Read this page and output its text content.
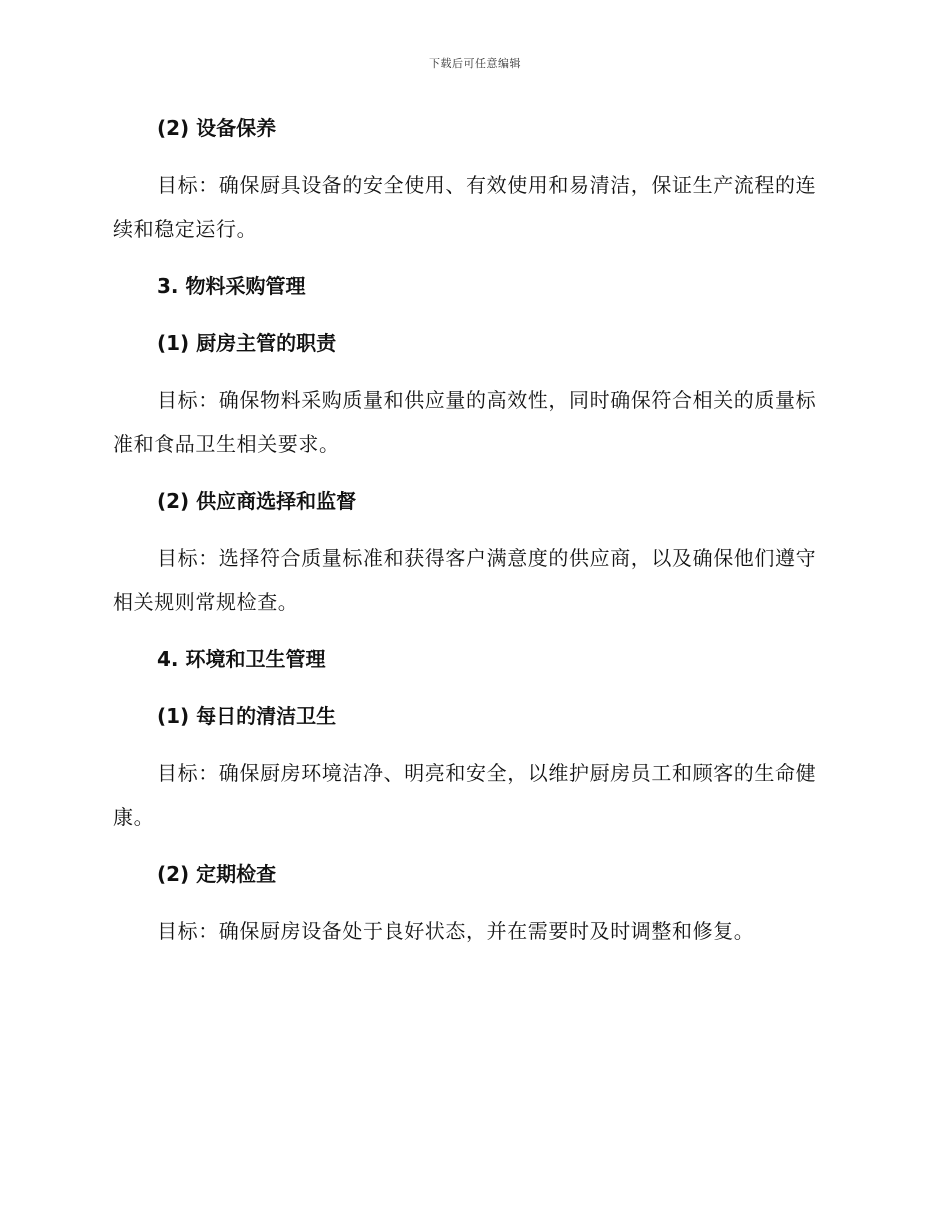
下载后可任意编辑
(2) 设备保养
目标：确保厨具设备的安全使用、有效使用和易清洁，保证生产流程的连续和稳定运行。
3. 物料采购管理
(1) 厨房主管的职责
目标：确保物料采购质量和供应量的高效性，同时确保符合相关的质量标准和食品卫生相关要求。
(2) 供应商选择和监督
目标：选择符合质量标准和获得客户满意度的供应商，以及确保他们遵守相关规则常规检查。
4. 环境和卫生管理
(1) 每日的清洁卫生
目标：确保厨房环境洁净、明亮和安全，以维护厨房员工和顾客的生命健康。
(2) 定期检查
目标：确保厨房设备处于良好状态，并在需要时及时调整和修复。
